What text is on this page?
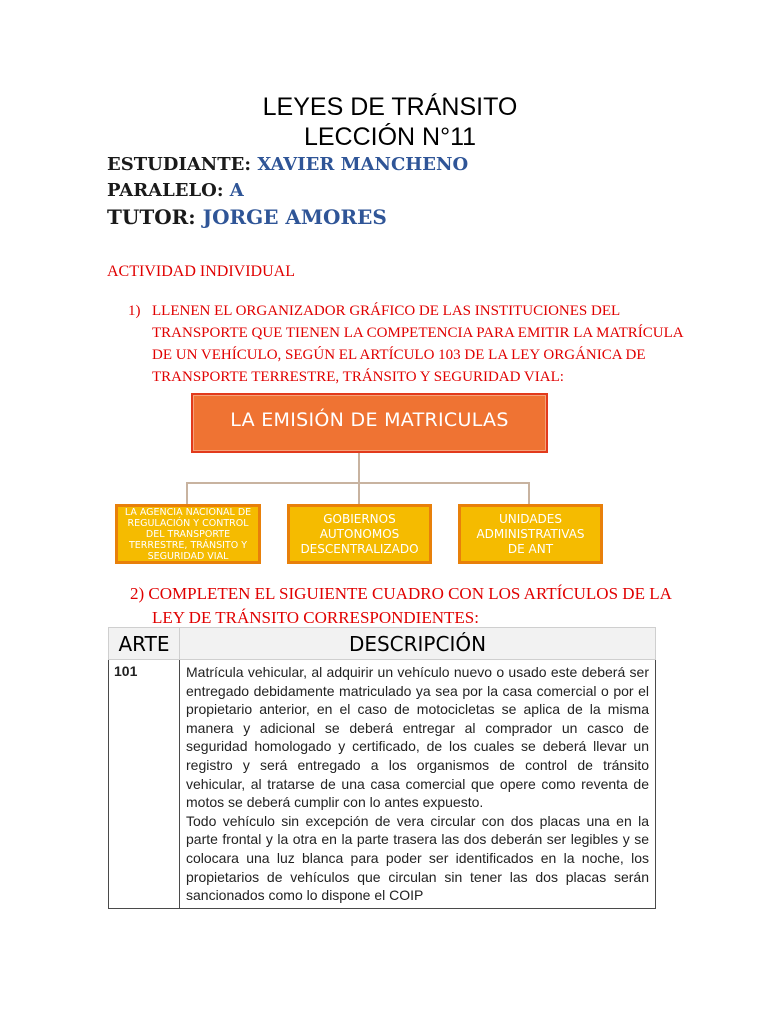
LEYES DE TRÁNSITO
LECCIÓN N°11
ESTUDIANTE: XAVIER MANCHENO
PARALELO: A
TUTOR: JORGE AMORES
ACTIVIDAD INDIVIDUAL
1) LLENEN EL ORGANIZADOR GRÁFICO DE LAS INSTITUCIONES DEL
TRANSPORTE QUE TIENEN LA COMPETENCIA PARA EMITIR LA MATRÍCULA
DE UN VEHÍCULO, SEGÚN EL ARTÍCULO 103 DE LA LEY ORGÁNICA DE
TRANSPORTE TERRESTRE, TRÁNSITO Y SEGURIDAD VIAL:
LA EMISIÓN DE MATRICULAS
LA AGENCIA NACIONAL DE
REGULACIÓN Y CONTROL
DEL TRANSPORTE
TERRESTRE, TRÁNSITO Y
SEGURIDAD VIAL
GOBIERNOS
AUTONOMOS
DESCENTRALIZADO
UNIDADES
ADMINISTRATIVAS
DE ANT
2) COMPLETEN EL SIGUIENTE CUADRO CON LOS ARTÍCULOS DE LA
LEY DE TRÁNSITO CORRESPONDIENTES:
ARTE	DESCRIPCIÓN
101	Matrícula vehicular, al adquirir un vehículo nuevo o usado este deberá ser entregado debidamente matriculado ya sea por la casa comercial o por el propietario anterior, en el caso de motocicletas se aplica de la misma manera y adicional se deberá entregar al comprador un casco de seguridad homologado y certificado, de los cuales se deberá llevar un registro y será entregado a los organismos de control de tránsito vehicular, al tratarse de una casa comercial que opere como reventa de motos se deberá cumplir con lo antes expuesto.
Todo vehículo sin excepción de vera circular con dos placas una en la parte frontal y la otra en la parte trasera las dos deberán ser legibles y se colocara una luz blanca para poder ser identificados en la noche, los propietarios de vehículos que circulan sin tener las dos placas serán sancionados como lo dispone el COIP
